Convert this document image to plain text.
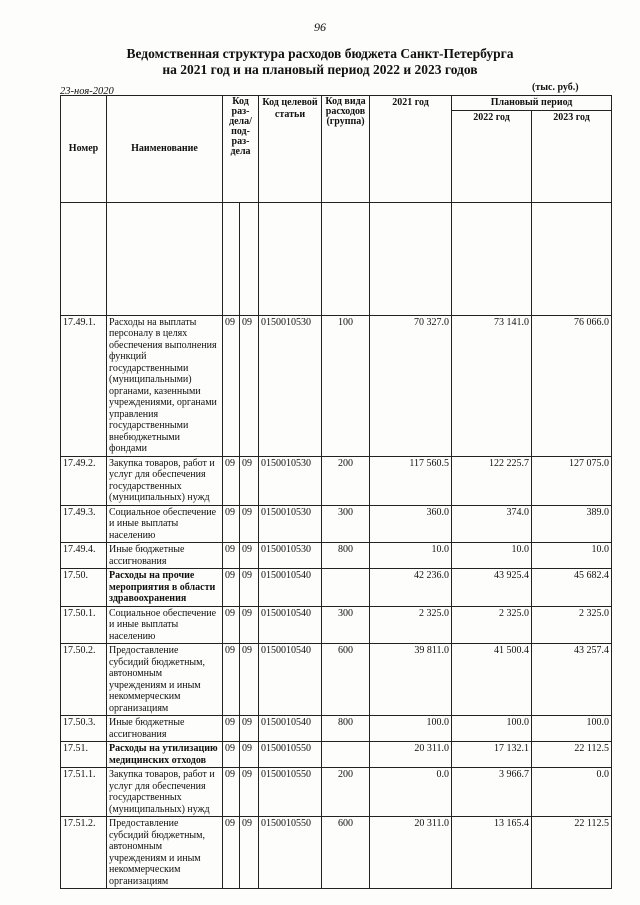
96
Ведомственная структура расходов бюджета Санкт-Петербурга
на 2021 год и на плановый период 2022 и 2023 годов
23-ноя-2020	(тыс. руб.)
Номер	Наименование	Код раз-дела/ под-раз-дела		Код целевой статьи	Код вида расходов (группа)	2021 год	Плановый период	
							2022 год	2023 год

17.49.1.	Расходы на выплаты персоналу в целях обеспечения выполнения функций государственными (муниципальными) органами, казенными учреждениями, органами управления государственными внебюджетными фондами	09	09	0150010530	100	70 327.0	73 141.0	76 066.0
17.49.2.	Закупка товаров, работ и услуг для обеспечения государственных (муниципальных) нужд	09	09	0150010530	200	117 560.5	122 225.7	127 075.0
17.49.3.	Социальное обеспечение и иные выплаты населению	09	09	0150010530	300	360.0	374.0	389.0
17.49.4.	Иные бюджетные ассигнования	09	09	0150010530	800	10.0	10.0	10.0
17.50.	Расходы на прочие мероприятия в области здравоохранения	09	09	0150010540		42 236.0	43 925.4	45 682.4
17.50.1.	Социальное обеспечение и иные выплаты населению	09	09	0150010540	300	2 325.0	2 325.0	2 325.0
17.50.2.	Предоставление субсидий бюджетным, автономным учреждениям и иным некоммерческим организациям	09	09	0150010540	600	39 811.0	41 500.4	43 257.4
17.50.3.	Иные бюджетные ассигнования	09	09	0150010540	800	100.0	100.0	100.0
17.51.	Расходы на утилизацию медицинских отходов	09	09	0150010550		20 311.0	17 132.1	22 112.5
17.51.1.	Закупка товаров, работ и услуг для обеспечения государственных (муниципальных) нужд	09	09	0150010550	200	0.0	3 966.7	0.0
17.51.2.	Предоставление субсидий бюджетным, автономным учреждениям и иным некоммерческим организациям	09	09	0150010550	600	20 311.0	13 165.4	22 112.5
